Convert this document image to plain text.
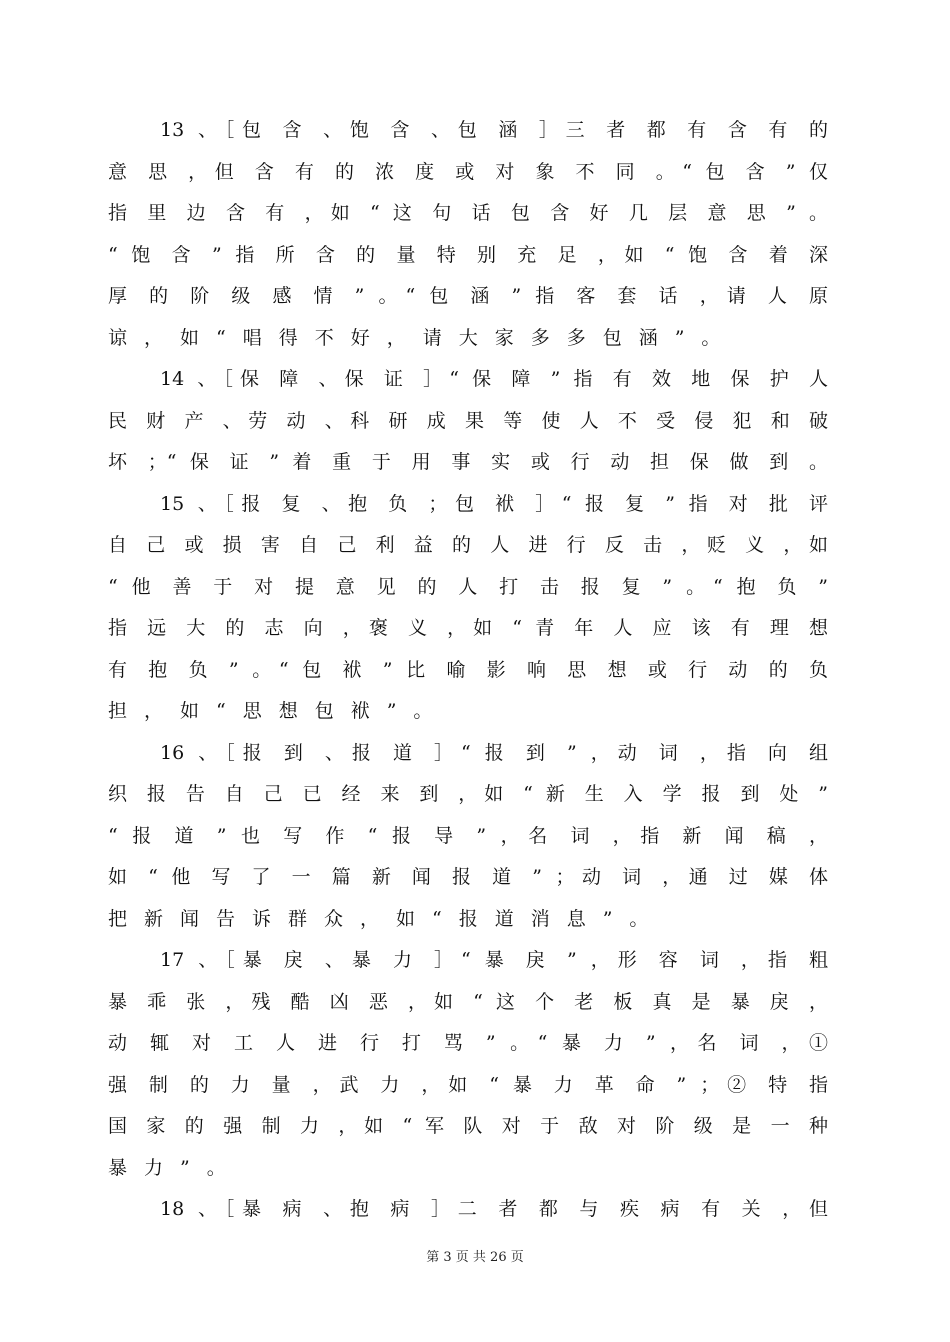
13 、［包 含 、饱 含 、包 涵 ］三 者 都 有 含 有 的
意 思 ，但 含 有 的 浓 度 或 对 象 不 同 。“ 包 含 ” 仅
指 里 边 含 有 ，如 “ 这 句 话 包 含 好 几 层 意 思 ” 。
“ 饱 含 ” 指 所 含 的 量 特 别 充 足 ，如 “ 饱 含 着 深
厚 的 阶 级 感 情 ” 。“ 包 涵 ” 指 客 套 话 ，请 人 原
谅，如“唱得不好，请大家多多包涵”。
14 、［保 障 、保 证 ］“ 保 障 ” 指 有 效 地 保 护 人
民 财 产 、劳 动 、科 研 成 果 等 使 人 不 受 侵 犯 和 破
坏 ；“ 保 证 ” 着 重 于 用 事 实 或 行 动 担 保 做 到 。
15 、［报 复 、抱 负 ；包 袱 ］“ 报 复 ” 指 对 批 评
自 己 或 损 害 自 己 利 益 的 人 进 行 反 击 ，贬 义 ，如
“ 他 善 于 对 提 意 见 的 人 打 击 报 复 ” 。“ 抱 负 ”
指 远 大 的 志 向 ，褒 义 ，如 “ 青 年 人 应 该 有 理 想
有 抱 负 ” 。“ 包 袱 ” 比 喻 影 响 思 想 或 行 动 的 负
担，如“思想包袱”。
16 、［报 到 、报 道 ］“ 报 到 ” ，动 词 ，指 向 组
织 报 告 自 己 已 经 来 到 ，如 “ 新 生 入 学 报 到 处 ”
“ 报 道 ” 也 写 作 “ 报 导 ” ，名 词 ，指 新 闻 稿 ，
如 “ 他 写 了 一 篇 新 闻 报 道 ” ；动 词 ，通 过 媒 体
把新闻告诉群众，如“报道消息”。
17 、［暴 戾 、暴 力 ］“ 暴 戾 ” ，形 容 词 ，指 粗
暴 乖 张 ，残 酷 凶 恶 ，如 “ 这 个 老 板 真 是 暴 戾 ，
动 辄 对 工 人 进 行 打 骂 ” 。“ 暴 力 ” ，名 词 ，①
强 制 的 力 量 ，武 力 ，如 “ 暴 力 革 命 ” ；② 特 指
国 家 的 强 制 力 ，如 “ 军 队 对 于 敌 对 阶 级 是 一 种
暴力”。
18 、［暴 病 、抱 病 ］二 者 都 与 疾 病 有 关 ，但
第 3 页 共 26 页
